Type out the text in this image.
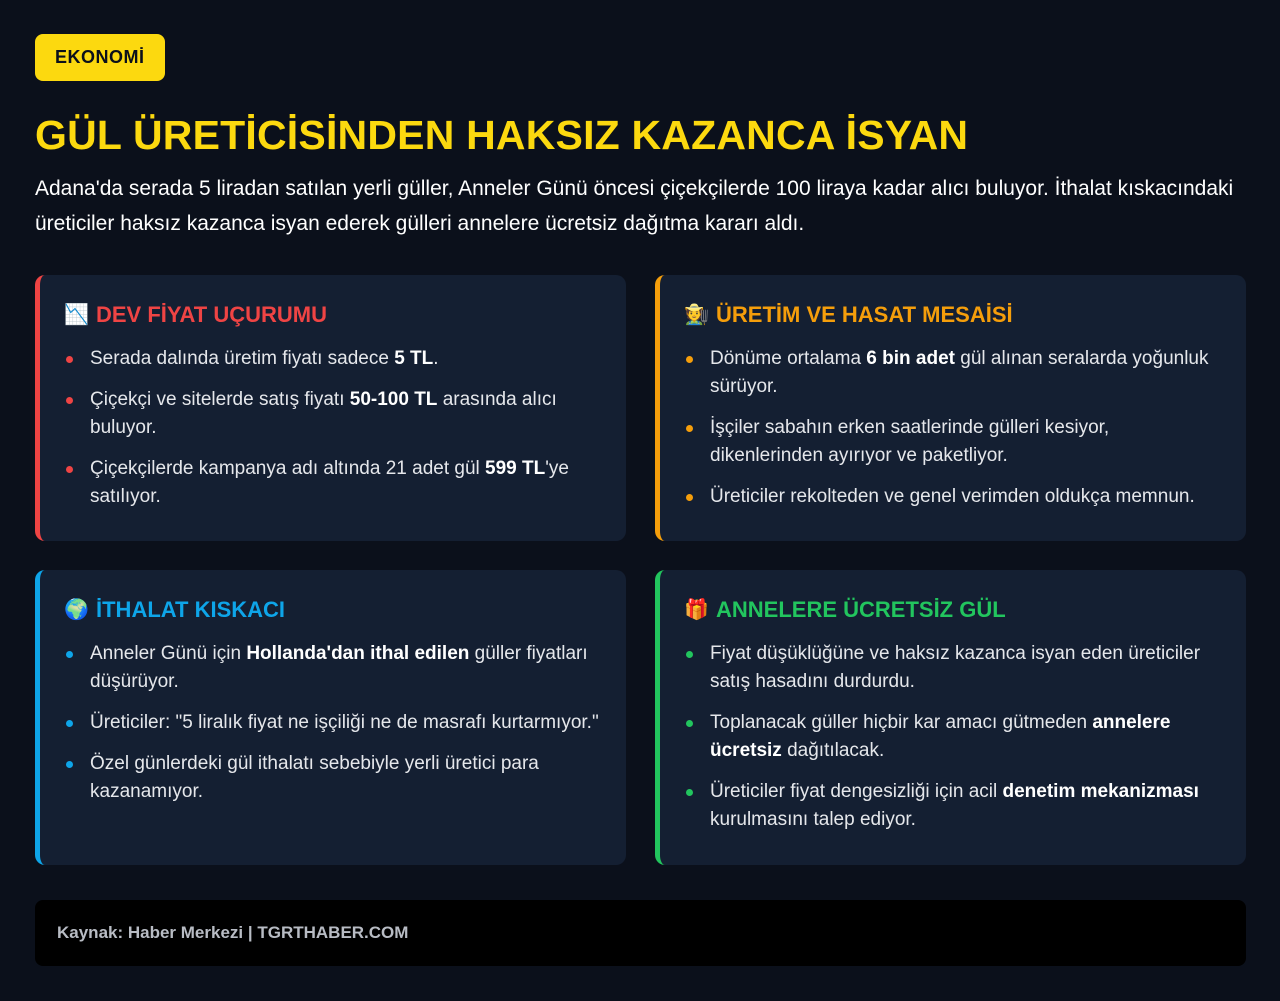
EKONOMİ
GÜL ÜRETİCİSİNDEN HAKSIZ KAZANCA İSYAN

Adana'da serada 5 liradan satılan yerli güller, Anneler Günü öncesi çiçekçilerde 100 liraya kadar alıcı buluyor. İthalat kıskacındaki üreticiler haksız kazanca isyan ederek gülleri annelere ücretsiz dağıtma kararı aldı.

📉 DEV FİYAT UÇURUMU
Serada dalında üretim fiyatı sadece 5 TL.
Çiçekçi ve sitelerde satış fiyatı 50-100 TL arasında alıcı buluyor.
Çiçekçilerde kampanya adı altında 21 adet gül 599 TL'ye satılıyor.
🧑‍🌾 ÜRETİM VE HASAT MESAİSİ
Dönüme ortalama 6 bin adet gül alınan seralarda yoğunluk sürüyor.
İşçiler sabahın erken saatlerinde gülleri kesiyor, dikenlerinden ayırıyor ve paketliyor.
Üreticiler rekolteden ve genel verimden oldukça memnun.
🌍 İTHALAT KISKACI
Anneler Günü için Hollanda'dan ithal edilen güller fiyatları düşürüyor.
Üreticiler: "5 liralık fiyat ne işçiliği ne de masrafı kurtarmıyor."
Özel günlerdeki gül ithalatı sebebiyle yerli üretici para kazanamıyor.
🎁 ANNELERE ÜCRETSİZ GÜL
Fiyat düşüklüğüne ve haksız kazanca isyan eden üreticiler satış hasadını durdurdu.
Toplanacak güller hiçbir kar amacı gütmeden annelere ücretsiz dağıtılacak.
Üreticiler fiyat dengesizliği için acil denetim mekanizması kurulmasını talep ediyor.
Kaynak: Haber Merkezi | TGRTHABER.COM
